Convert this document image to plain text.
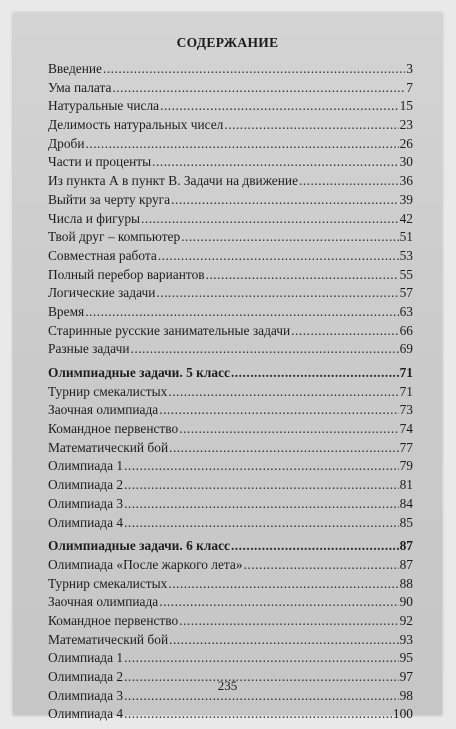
СОДЕРЖАНИЕ
Введение .....	3
Ума палата .....	7
Натуральные числа .....	15
Делимость натуральных чисел .....	23
Дроби .....	26
Части и проценты .....	30
Из пункта А в пункт В. Задачи на движение .....	36
Выйти за черту круга .....	39
Числа и фигуры .....	42
Твой друг – компьютер .....	51
Совместная работа .....	53
Полный перебор вариантов .....	55
Логические задачи .....	57
Время .....	63
Старинные русские занимательные задачи .....	66
Разные задачи .....	69
Олимпиадные задачи. 5 класс .....	71
Турнир смекалистых .....	71
Заочная олимпиада .....	73
Командное первенство .....	74
Математический бой .....	77
Олимпиада 1 .....	79
Олимпиада 2 .....	81
Олимпиада 3 .....	84
Олимпиада 4 .....	85
Олимпиадные задачи. 6 класс .....	87
Олимпиада «После жаркого лета» .....	87
Турнир смекалистых .....	88
Заочная олимпиада .....	90
Командное первенство .....	92
Математический бой .....	93
Олимпиада 1 .....	95
Олимпиада 2 .....	97
Олимпиада 3 .....	98
Олимпиада 4 .....	100
235
